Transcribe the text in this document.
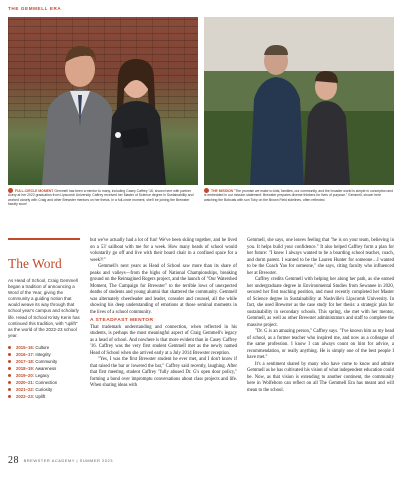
THE GEMMELL ERA
FULL-CIRCLE MOMENT Gemmell has been a mentor to many, including Casey Caffrey '16, shown here with partner Avery at her 2022 graduation from Lipscomb University. Caffrey received her Master of Science degree in Sustainability and worked closely with Craig and other Brewster mentors on her thesis. In a full-circle moment, she'll be joining the Brewster faculty soon!
THE MISSION "The promise we make to kids, families, our community, and the broader world is simple in conception and is embedded in our mission statement: Brewster prepares diverse thinkers for lives of purpose." Gemmell, shown here watching the Bobcats with son Toby on the Brown Field sidelines, often reflected.
The Word
As Head of School, Craig Gemmell began a tradition of announcing a Word of the Year, giving the community a guiding notion that would weave its way through that school year's campus and scholarly life. Head of School Kristy Kerin has continued this tradition, with "uplift" as the world of the 2022-23 school year.
2015–16: Culture
2016–17: Integrity
2017–18: Community
2018–19: Awareness
2019–20: Legacy
2020–21: Connection
2021–22: Curiosity
2022–23: Uplift

but we've actually had a lot of fun! We've been skiing together, and he lived on a 53' sailboat with me for a week. How many heads of school would voluntarily go off and live with their board chair in a confined space for a week?!"

Gemmell's next years as Head of School saw more than its share of peaks and valleys—from the highs of National Championships, breaking ground on the Reimagined Rogers project, and the launch of "Our Watershed Moment, The Campaign for Brewster" to the terrible lows of unexpected deaths of students and young alumni that shattered the community. Gemmell was alternately cheerleader and leader, consoler and counsel, all the while showing his deep understanding of emotions at those seminal moments in the lives of a school community.

A STEADFAST MENTOR

That trademark understanding and connection, when reflected in his students, is perhaps the most meaningful aspect of Craig Gemmell's legacy as a head of school. And nowhere is that more evident than in Casey Caffrey '16. Caffrey was the very first student Gemmell met as the newly named Head of School when she arrived early at a July 2014 Brewster reception.

"Yes, I was the first Brewster student he ever met, and I don't know if that raised the bar or lowered the bar," Caffrey said recently, laughing. After that first meeting, student Caffrey "fully abused Dr. G's open door policy," forming a bond over impromptu conversations about class projects and life. When sharing ideas with

Gemmell, she says, one leaves feeling that "he is on your team, believing in you. It helps build your confidence." It also helped Caffrey form a plan for her future: "I knew I always wanted to be a boarding school teacher, coach, and dorm parent. I wanted to be the Lauren Hunter for someone…I wanted to be the Coach Yao for someone," she says, citing faculty who influenced her at Brewster.

Caffrey credits Gemmell with helping her along her path, as she earned her undergraduate degree in Environmental Studies from Sewanee in 2020, secured her first teaching position, and most recently completed her Master of Science degree in Sustainability at Nashville's Lipscomb University. In fact, she used Brewster as the case study for her thesis: a strategic plan for sustainability in secondary schools. This spring, she met with her mentor, Gemmell, as well as other Brewster administrators and staff to complete the massive project.

"Dr. G is an amazing person," Caffrey says. "I've known him as my head of school, as a former teacher who inspired me, and now as a colleague of the same profession. I know I can always count on him for advice, a recommendation, or really anything. He is simply one of the best people I have met."

It's a sentiment shared by many who have come to know and admire Gemmell as he has cultivated his vision of what independent education could be. Now, as that vision is extending to another continent, the community here in Wolfeboro can reflect on all The Gemmell Era has meant and will mean to the school.

28 BREWSTER ACADEMY | SUMMER 2023
